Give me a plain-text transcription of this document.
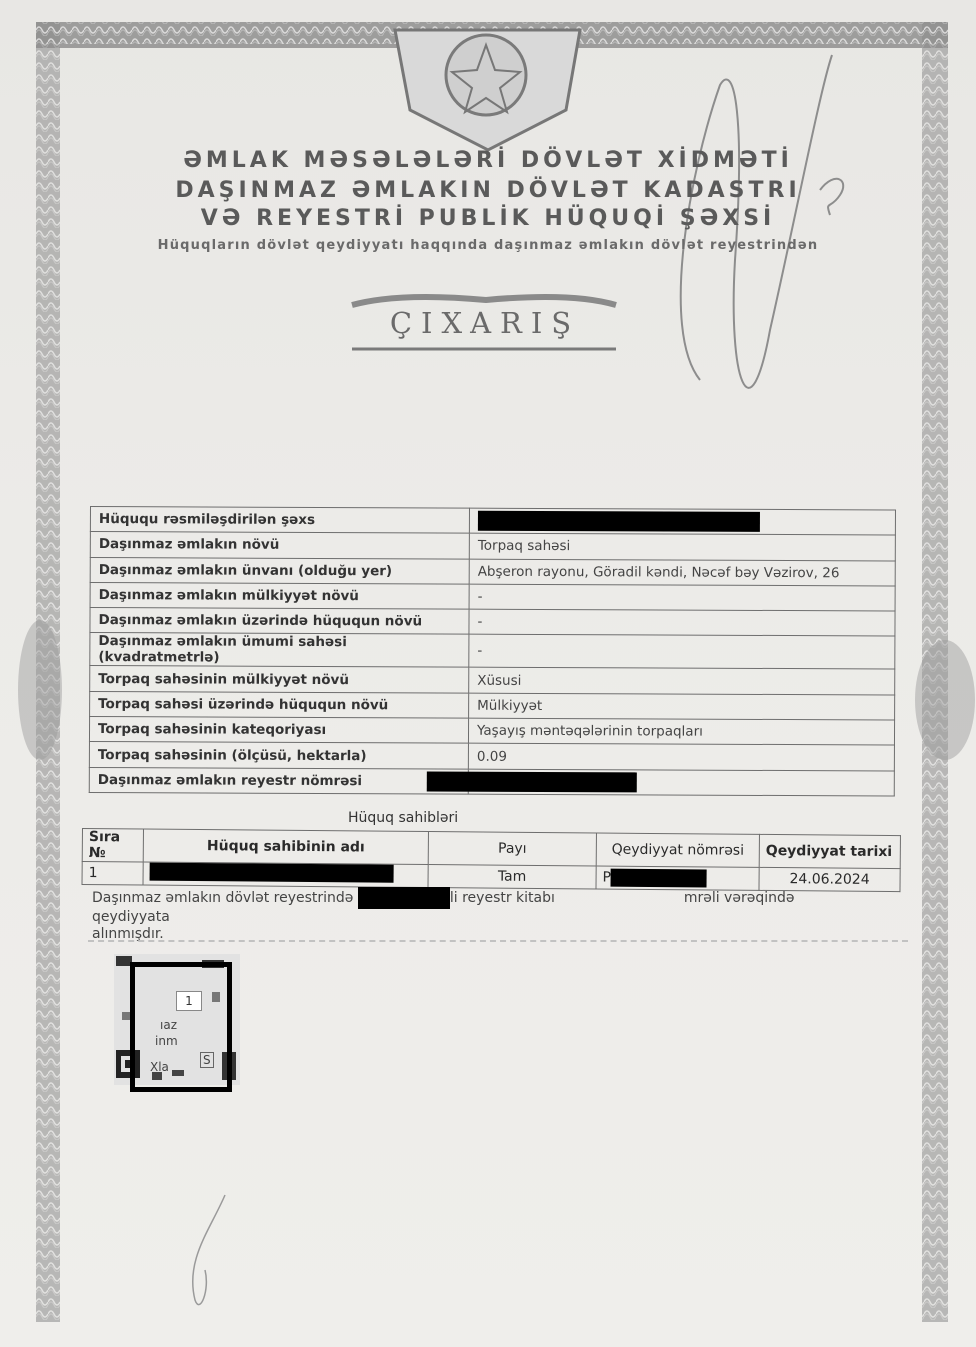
ƏMLAK MƏSƏLƏLƏRİ DÖVLƏT XİDMƏTİ
DAŞINMAZ ƏMLAKIN DÖVLƏT KADASTRI
VƏ REYESTRİ PUBLİK HÜQUQİ ŞƏXSİ
Hüquqların dövlət qeydiyyatı haqqında daşınmaz əmlakın dövlət reyestrindən
ÇIXARIŞ
Hüququ rəsmiləşdirilən şəxs	
Daşınmaz əmlakın növü	Torpaq sahəsi
Daşınmaz əmlakın ünvanı (olduğu yer)	Abşeron rayonu, Göradil kəndi, Nəcəf bəy Vəzirov, 26
Daşınmaz əmlakın mülkiyyət növü	-
Daşınmaz əmlakın üzərində hüququn növü	-
Daşınmaz əmlakın ümumi sahəsi (kvadratmetrlə)	-
Torpaq sahəsinin mülkiyyət növü	Xüsusi
Torpaq sahəsi üzərində hüququn növü	Mülkiyyət
Torpaq sahəsinin kateqoriyası	Yaşayış məntəqələrinin torpaqları
Torpaq sahəsinin (ölçüsü, hektarla)	0.09
Daşınmaz əmlakın reyestr nömrəsi	
Hüquq sahibləri
Sıra №	Hüquq sahibinin adı	Payı	Qeydiyyat nömrəsi	Qeydiyyat tarixi
1		Tam	P	24.06.2024
Daşınmaz əmlakın dövlət reyestrində	li reyestr kitabı	mrəli vərəqində qeydiyyata
alınmışdır.
1
ıaz
inm
Xla	S
